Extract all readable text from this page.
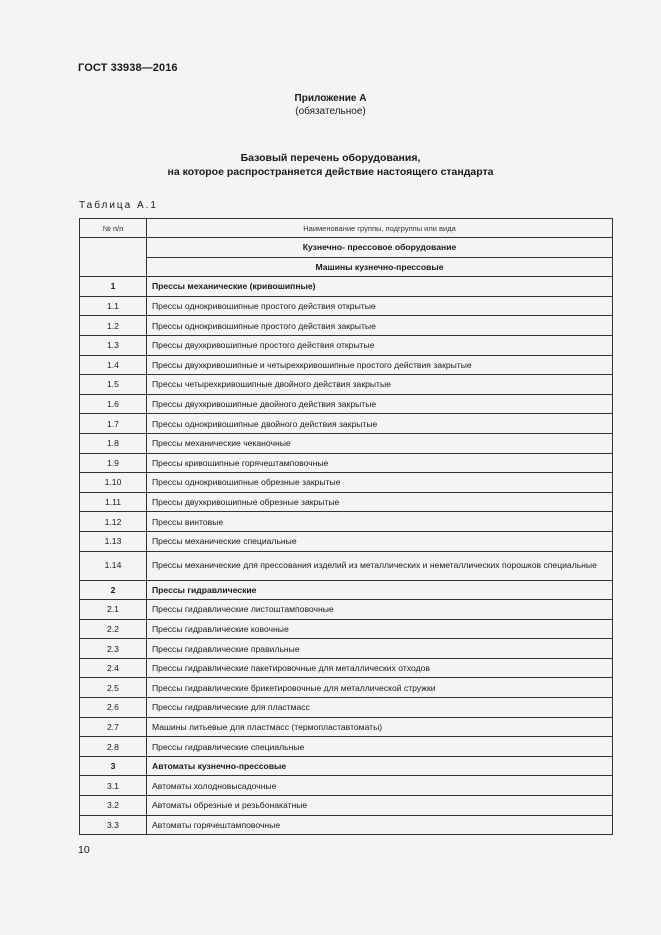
ГОСТ 33938—2016
Приложение А
(обязательное)
Базовый перечень оборудования,
на которое распространяется действие настоящего стандарта
Таблица А.1
№ п/п	Наименование группы, подгруппы или вида
	Кузнечно- прессовое оборудование
	Машины кузнечно-прессовые
1	Прессы механические (кривошипные)
1.1	Прессы однокривошипные простого действия открытые
1.2	Прессы однокривошипные простого действия закрытые
1.3	Прессы двухкривошипные простого действия открытые
1.4	Прессы двухкривошипные и четырехкривошипные простого действия закрытые
1.5	Прессы четырехкривошипные двойного действия закрытые
1.6	Прессы двухкривошипные двойного действия закрытые
1.7	Прессы однокривошипные двойного действия закрытые
1.8	Прессы механические чеканочные
1.9	Прессы кривошипные горячештамповочные
1.10	Прессы однокривошипные обрезные закрытые
1.11	Прессы двухкривошипные обрезные закрытые
1.12	Прессы винтовые
1.13	Прессы механические специальные
1.14	Прессы механические для прессования изделий из металлических и неметаллических порошков специальные
2	Прессы гидравлические
2.1	Прессы гидравлические листоштамповочные
2.2	Прессы гидравлические ковочные
2.3	Прессы гидравлические правильные
2.4	Прессы гидравлические пакетировочные для металлических отходов
2.5	Прессы гидравлические брикетировочные для металлической стружки
2.6	Прессы гидравлические для пластмасс
2.7	Машины литьевые для пластмасс (термопластавтоматы)
2.8	Прессы гидравлические специальные
3	Автоматы кузнечно-прессовые
3.1	Автоматы холодновысадочные
3.2	Автоматы обрезные и резьбонакатные
3.3	Автоматы горячештамповочные
10
